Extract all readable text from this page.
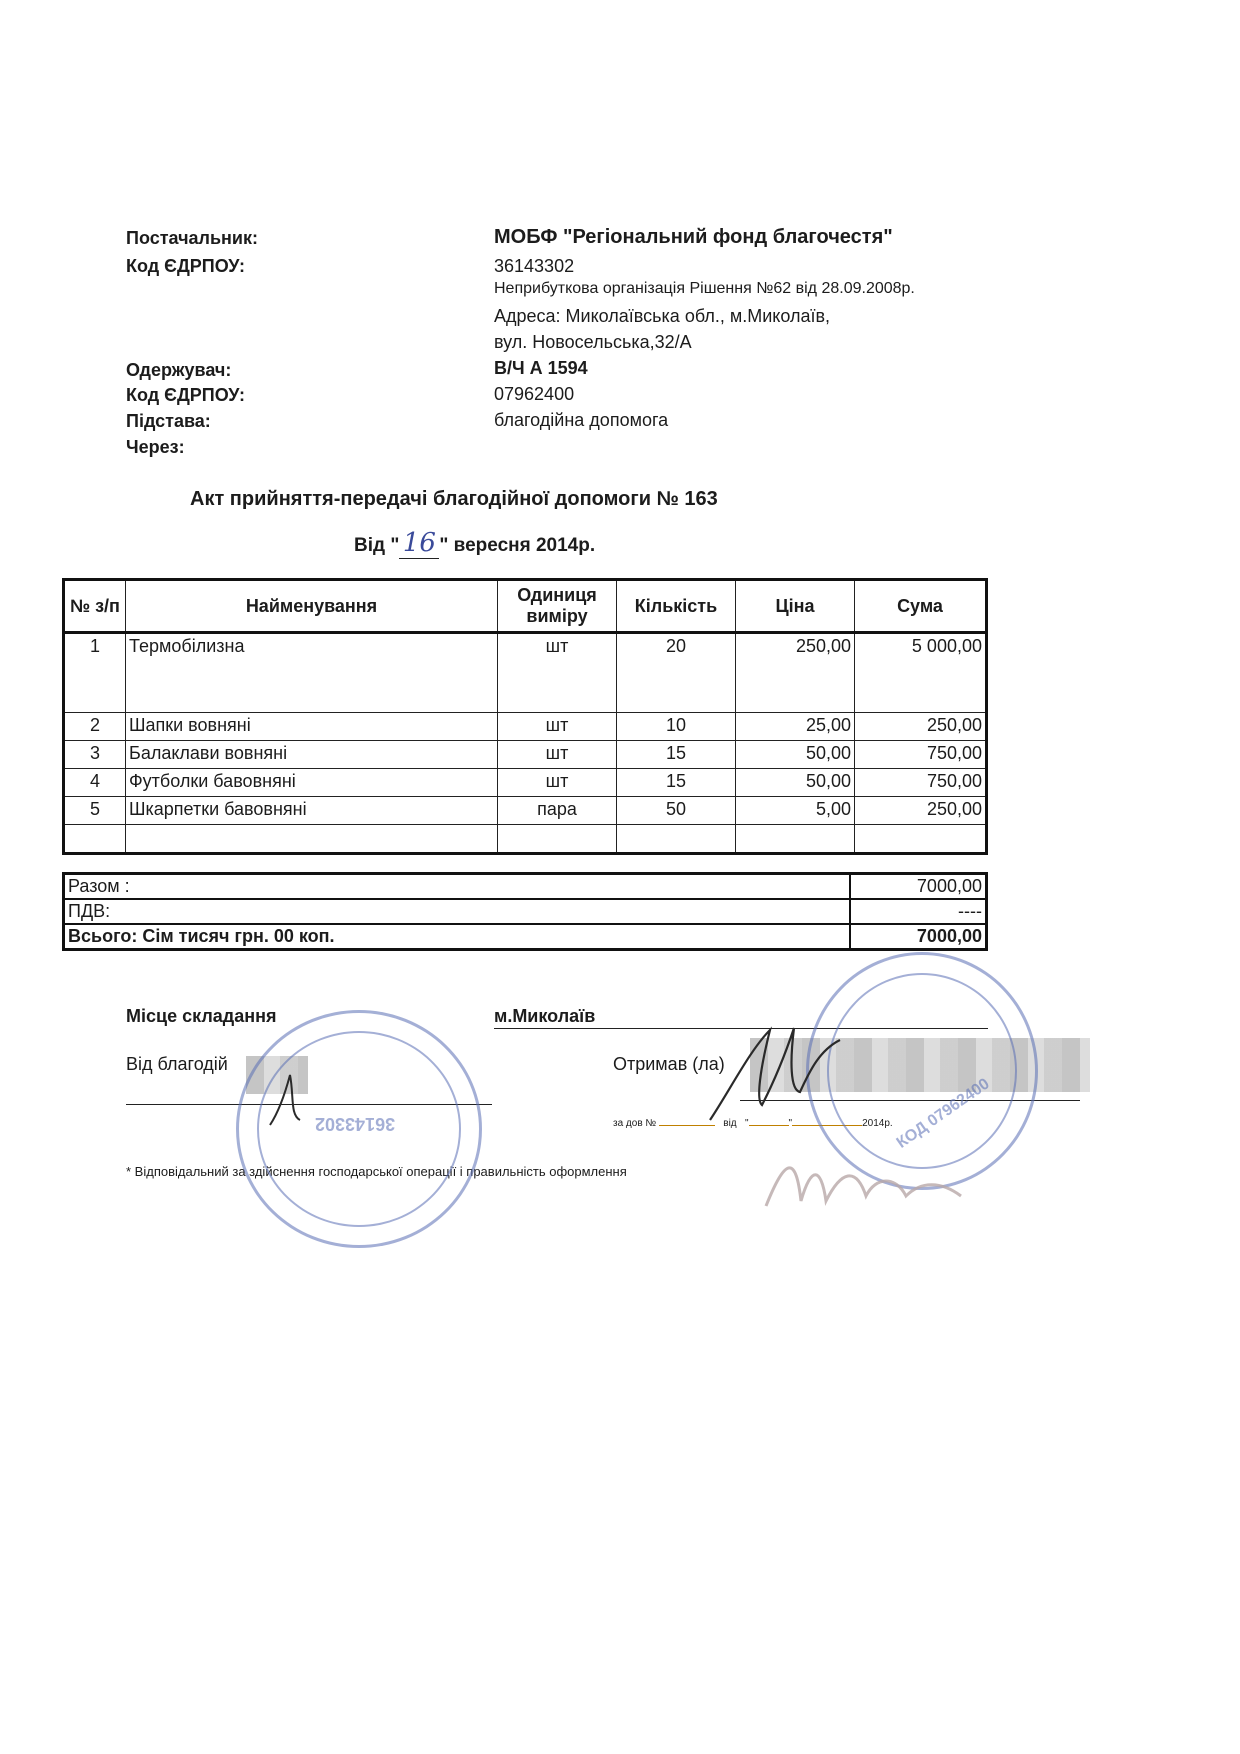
Постачальник:	МОБФ "Регіональний фонд благочестя"
Код ЄДРПОУ:	36143302
Неприбуткова організація Рішення №62 від 28.09.2008р.
Адреса: Миколаївська обл., м.Миколаїв,
вул. Новосельська,32/А
Одержувач:	В/Ч А 1594
Код ЄДРПОУ:	07962400
Підстава:	благодійна допомога
Через:
Акт прийняття-передачі благодійної допомоги № 163
Від " 16 " вересня 2014р.
№ з/п	Найменування	Одиниця виміру	Кількість	Ціна	Сума
1	Термобілизна	шт	20	250,00	5 000,00
2	Шапки вовняні	шт	10	25,00	250,00
3	Балаклави вовняні	шт	15	50,00	750,00
4	Футболки бавовняні	шт	15	50,00	750,00
5	Шкарпетки бавовняні	пара	50	5,00	250,00

Разом :	7000,00
ПДВ:	----
Всього: Сім тисяч грн. 00 коп.	7000,00
Місце складання	м.Миколаїв
Від благодій	Отримав (ла)
за дов №	від "	"	2014р.
* Відповідальний за здійснення господарської операції і правильність оформлення
36143302	КОД 07962400
